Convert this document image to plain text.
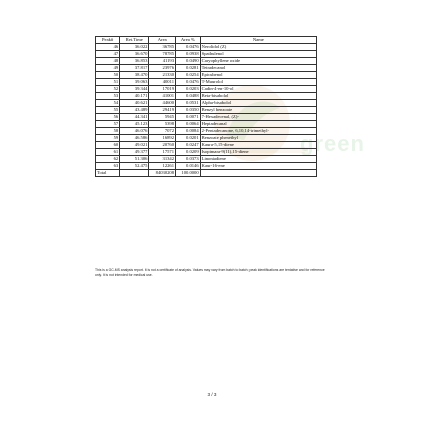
green
Peak#	Ret.Time	Area	Area %	Name
46	36.022	36785	0.0476	Nerolidol (Z)
47	36.670	78785	0.0938	Spathulenol
48	36.853	41193	0.0490	Caryophyllene oxide
49	37.817	23976	0.0281	Tetradecanol
50	38.470	21330	0.0254	Epicubenol
51	39.063	40011	0.0476	T-Muurolol
52	39.344	17019	0.0203	Cadin-4-en-10-ol
53	40.171	41001	0.0488	Beta-bisabolol
54	40.621	44600	0.0531	Alpha-bisabolol
55	43.489	29419	0.0350	Benzyl benzoate
56	44.341	5945	0.0071	7-Hexadecenal, (Z)-
57	45.123	5398	0.0064	Heptadecanal
58	46.076	7072	0.0084	2-Pentadecanone, 6,10,14-trimethyl-
59	46.586	16892	0.0201	Benzoate phenethyl
60	49.021	20760	0.0247	Kaura-5,15-diene
61	49.377	17571	0.0209	Isopimara-9(11),15-diene
62	51.306	31342	0.0373	Linoniadiene
63	52.475	12261	0.0146	Kaur-16-ene
Total		84030208	100.0000	
This is a GC-MS analysis report. It is not a certificate of analysis. Values may vary from batch to batch; peak identifications are tentative and for reference only. It is not intended for medical use.
3 / 3
